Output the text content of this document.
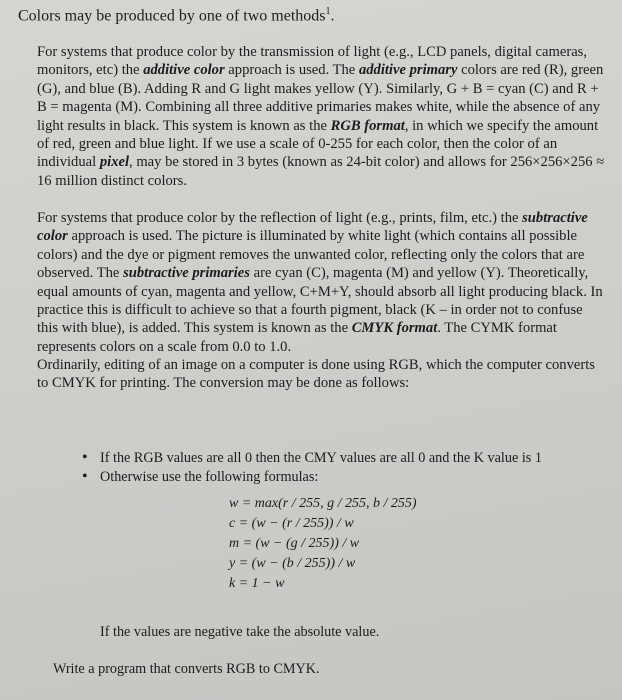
Colors may be produced by one of two methods$^1$.
For systems that produce color by the transmission of light (e.g., LCD panels, digital cameras, monitors, etc) the additive color approach is used. The additive primary colors are red (R), green (G), and blue (B). Adding R and G light makes yellow (Y). Similarly, G + B = cyan (C) and R + B = magenta (M). Combining all three additive primaries makes white, while the absence of any light results in black. This system is known as the RGB format, in which we specify the amount of red, green and blue light. If we use a scale of 0-255 for each color, then the color of an individual pixel, may be stored in 3 bytes (known as 24-bit color) and allows for 256×256×256 ≈ 16 million distinct colors.
For systems that produce color by the reflection of light (e.g., prints, film, etc.) the subtractive color approach is used. The picture is illuminated by white light (which contains all possible colors) and the dye or pigment removes the unwanted color, reflecting only the colors that are observed. The subtractive primaries are cyan (C), magenta (M) and yellow (Y). Theoretically, equal amounts of cyan, magenta and yellow, C+M+Y, should absorb all light producing black. In practice this is difficult to achieve so that a fourth pigment, black (K – in order not to confuse this with blue), is added. This system is known as the CMYK format. The CYMK format represents colors on a scale from 0.0 to 1.0.
Ordinarily, editing of an image on a computer is done using RGB, which the computer converts to CMYK for printing. The conversion may be done as follows:
• If the RGB values are all 0 then the CMY values are all 0 and the K value is 1
• Otherwise use the following formulas:
w = max(r / 255, g / 255, b / 255)
c = (w − (r / 255)) / w
m = (w − (g / 255)) / w
y = (w − (b / 255)) / w
k = 1 − w
If the values are negative take the absolute value.
Write a program that converts RGB to CMYK.
